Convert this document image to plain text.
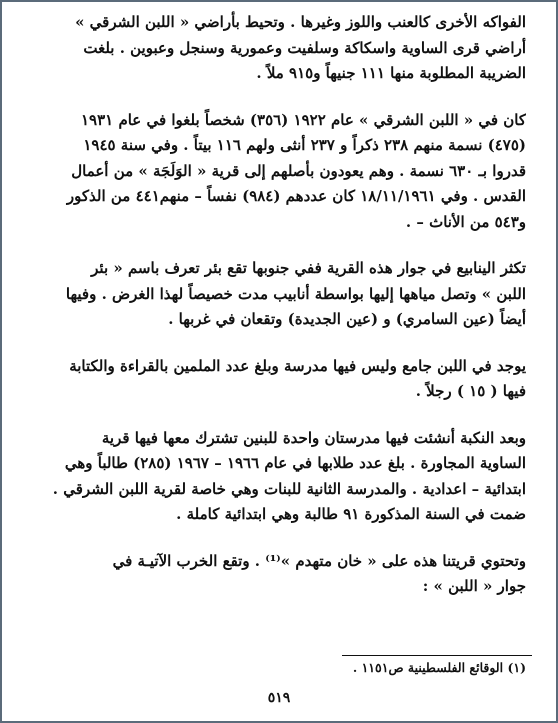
الفواكه الأخرى كالعنب واللوز وغيرها . وتحيط بأراضي « اللبن الشرقي »
أراضي قرى الساوية واسكاكة وسلفيت وعمورية وسنجل وعبوين . بلغت
الضريبة المطلوبة منها ١١١ جنيهاً و٩١٥ ملاً .

كان في « اللبن الشرقي » عام ١٩٢٢ (٣٥٦) شخصاً بلغوا في عام ١٩٣١
(٤٧٥) نسمة منهم ٢٣٨ ذكراً و ٢٣٧ أنثى ولهم ١١٦ بيتاً . وفي سنة ١٩٤٥
قدروا بـ ٦٣٠ نسمة . وهم يعودون بأصلهم إلى قرية « الوَلَجَة » من أعمال
القدس . وفي ١٨/١١/١٩٦١ كان عددهم (٩٨٤) نفساً – منهم٤٤١ من الذكور
و٥٤٣ من الأناث – .

تكثر الينابيع في جوار هذه القرية ففي جنوبها تقع بئر تعرف باسم « بئر
اللبن » وتصل مياهها إليها بواسطة أنابيب مدت خصيصاً لهذا الغرض . وفيها
أيضاً (عين السامري) و (عين الجديدة) وتقعان في غربها .

يوجد في اللبن جامع وليس فيها مدرسة وبلغ عدد الملمين بالقراءة والكتابة
فيها ( ١٥ ) رجلاً .

وبعد النكبة أنشئت فيها مدرستان واحدة للبنين تشترك معها فيها قرية
الساوية المجاورة . بلغ عدد طلابها في عام ١٩٦٦ – ١٩٦٧ (٢٨٥) طالباً وهي
ابتدائية – اعدادية . والمدرسة الثانية للبنات وهي خاصة لقرية اللبن الشرقي .
ضمت في السنة المذكورة ٩١ طالبة وهي ابتدائية كاملة .

وتحتوي قريتنا هذه على « خان متهدم »⁽¹⁾ . وتقع الخرب الآتيـة في
جوار « اللبن » :

(١) الوقائع الفلسطينية ص١١٥١ .
٥١٩
